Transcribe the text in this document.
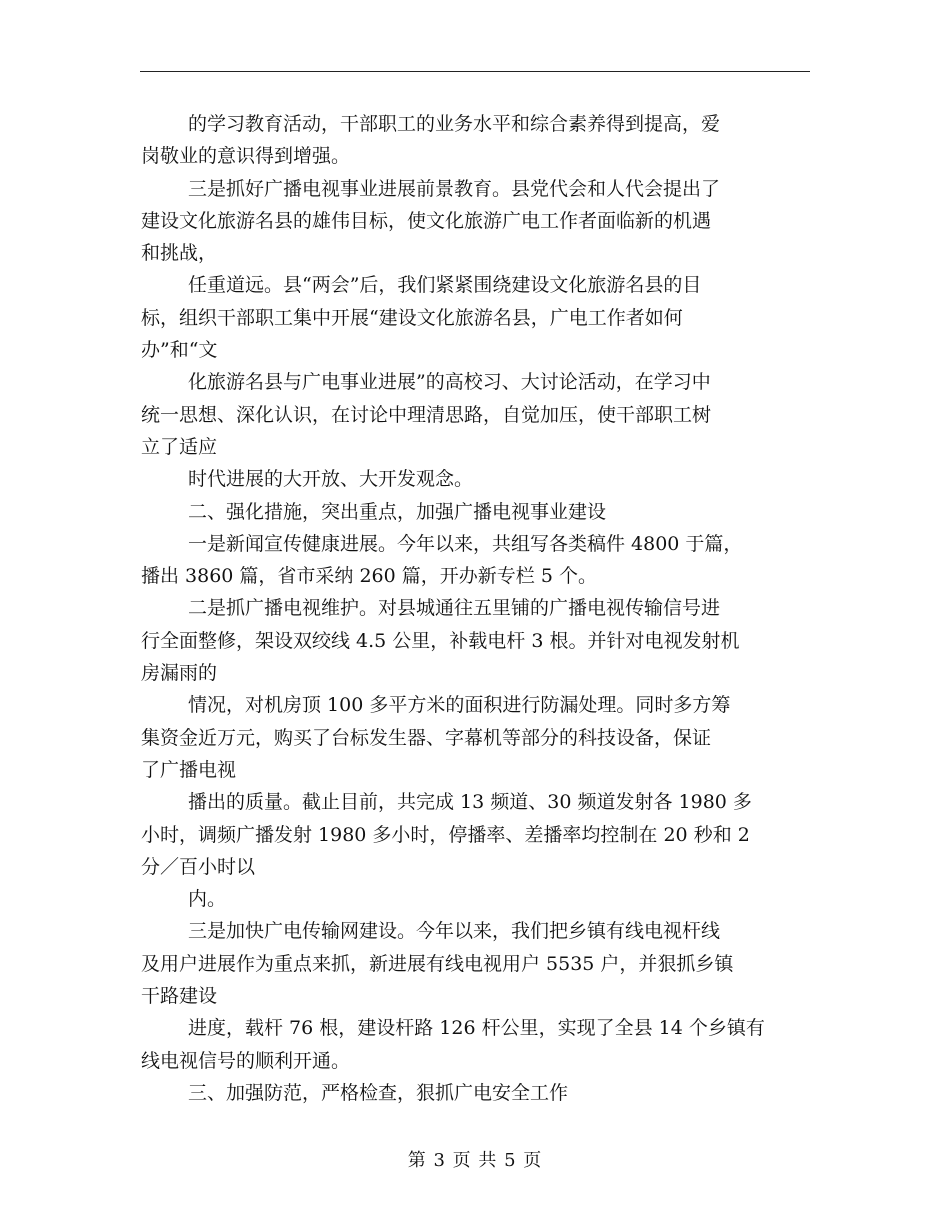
的学习教育活动，干部职工的业务水平和综合素养得到提高，爱
岗敬业的意识得到增强。
三是抓好广播电视事业进展前景教育。县党代会和人代会提出了
建设文化旅游名县的雄伟目标，使文化旅游广电工作者面临新的机遇
和挑战，
任重道远。县“两会”后，我们紧紧围绕建设文化旅游名县的目
标，组织干部职工集中开展“建设文化旅游名县，广电工作者如何
办”和“文
化旅游名县与广电事业进展”的高校习、大讨论活动，在学习中
统一思想、深化认识，在讨论中理清思路，自觉加压，使干部职工树
立了适应
时代进展的大开放、大开发观念。
二、强化措施，突出重点，加强广播电视事业建设
一是新闻宣传健康进展。今年以来，共组写各类稿件 4800 于篇，
播出 3860 篇，省市采纳 260 篇，开办新专栏 5 个。
二是抓广播电视维护。对县城通往五里铺的广播电视传输信号进
行全面整修，架设双绞线 4.5 公里，补载电杆 3 根。并针对电视发射机
房漏雨的
情况，对机房顶 100 多平方米的面积进行防漏处理。同时多方筹
集资金近万元，购买了台标发生器、字幕机等部分的科技设备，保证
了广播电视
播出的质量。截止目前，共完成 13 频道、30 频道发射各 1980 多
小时，调频广播发射 1980 多小时，停播率、差播率均控制在 20 秒和 2
分／百小时以
内。
三是加快广电传输网建设。今年以来，我们把乡镇有线电视杆线
及用户进展作为重点来抓，新进展有线电视用户 5535 户，并狠抓乡镇
干路建设
进度，载杆 76 根，建设杆路 126 杆公里，实现了全县 14 个乡镇有
线电视信号的顺利开通。
三、加强防范，严格检查，狠抓广电安全工作
第 3 页 共 5 页
